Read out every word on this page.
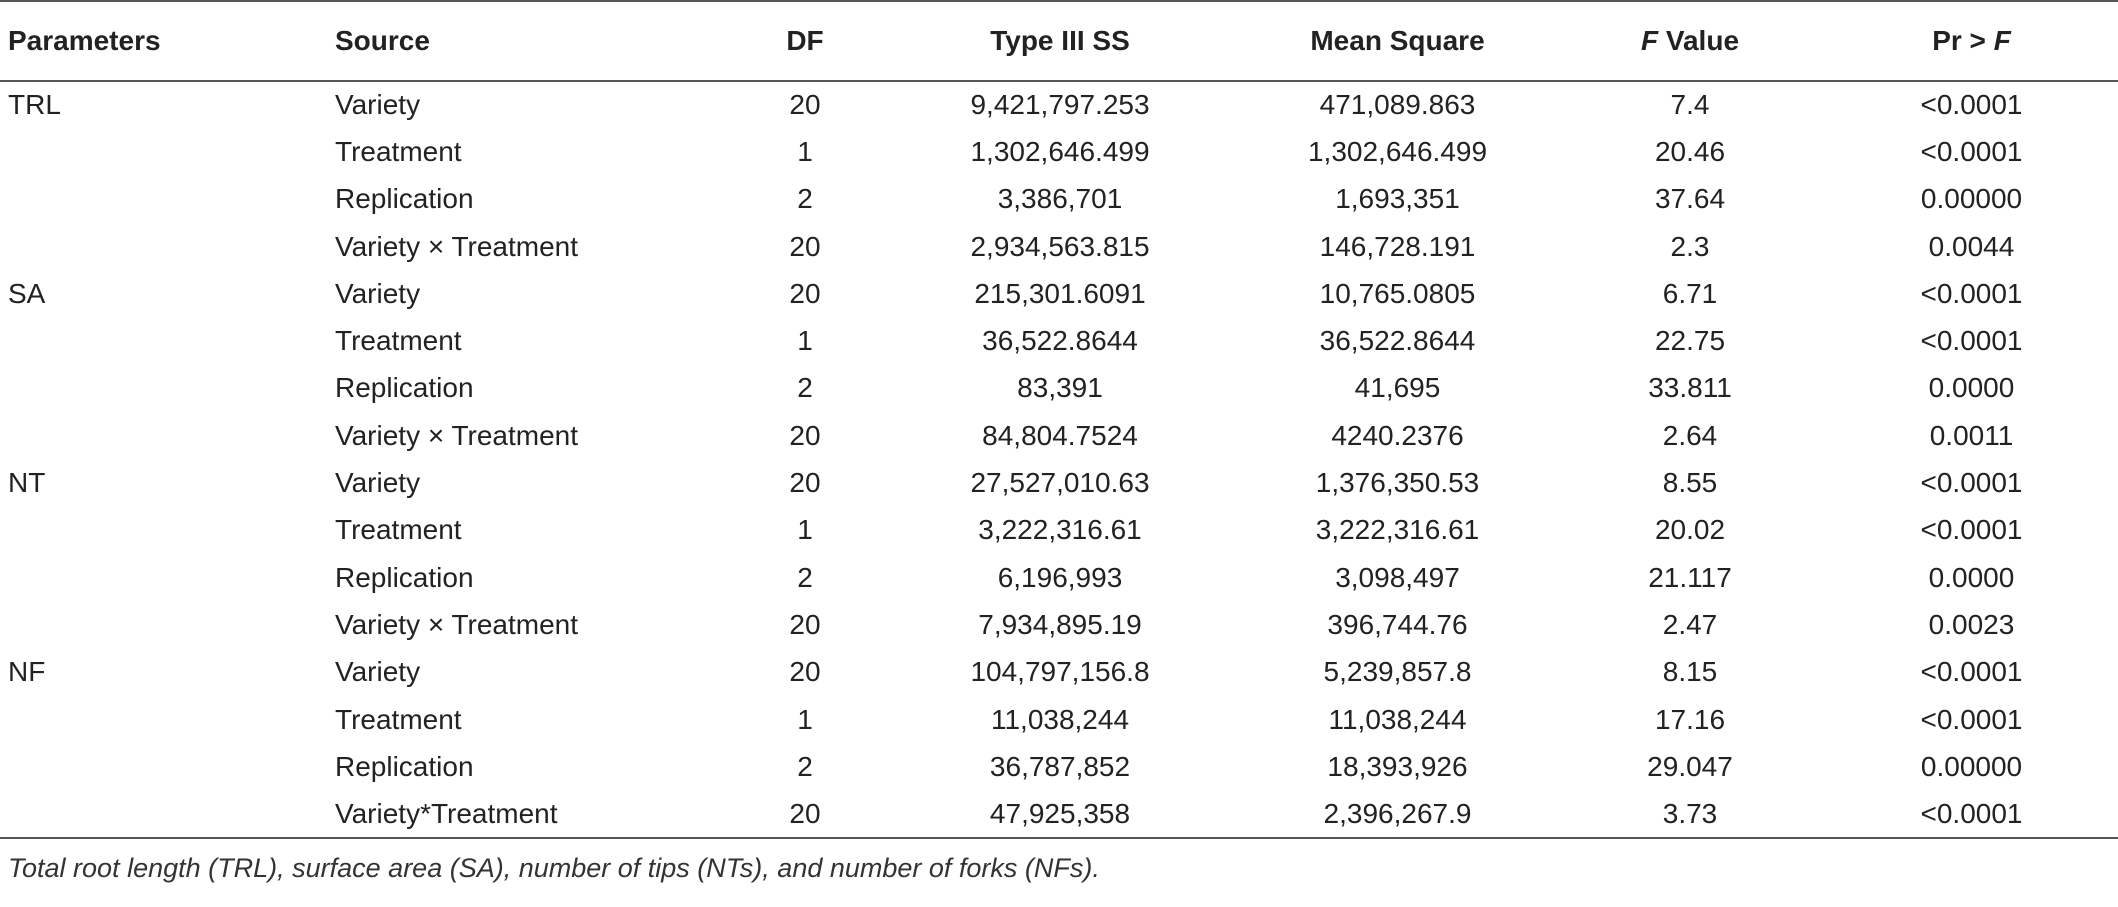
Parameters	Source	DF	Type III SS	Mean Square	F Value	Pr > F
TRL	Variety	20	9,421,797.253	471,089.863	7.4	<0.0001
	Treatment	1	1,302,646.499	1,302,646.499	20.46	<0.0001
	Replication	2	3,386,701	1,693,351	37.64	0.00000
	Variety × Treatment	20	2,934,563.815	146,728.191	2.3	0.0044
SA	Variety	20	215,301.6091	10,765.0805	6.71	<0.0001
	Treatment	1	36,522.8644	36,522.8644	22.75	<0.0001
	Replication	2	83,391	41,695	33.811	0.0000
	Variety × Treatment	20	84,804.7524	4240.2376	2.64	0.0011
NT	Variety	20	27,527,010.63	1,376,350.53	8.55	<0.0001
	Treatment	1	3,222,316.61	3,222,316.61	20.02	<0.0001
	Replication	2	6,196,993	3,098,497	21.117	0.0000
	Variety × Treatment	20	7,934,895.19	396,744.76	2.47	0.0023
NF	Variety	20	104,797,156.8	5,239,857.8	8.15	<0.0001
	Treatment	1	11,038,244	11,038,244	17.16	<0.0001
	Replication	2	36,787,852	18,393,926	29.047	0.00000
	Variety*Treatment	20	47,925,358	2,396,267.9	3.73	<0.0001
Total root length (TRL), surface area (SA), number of tips (NTs), and number of forks (NFs).
